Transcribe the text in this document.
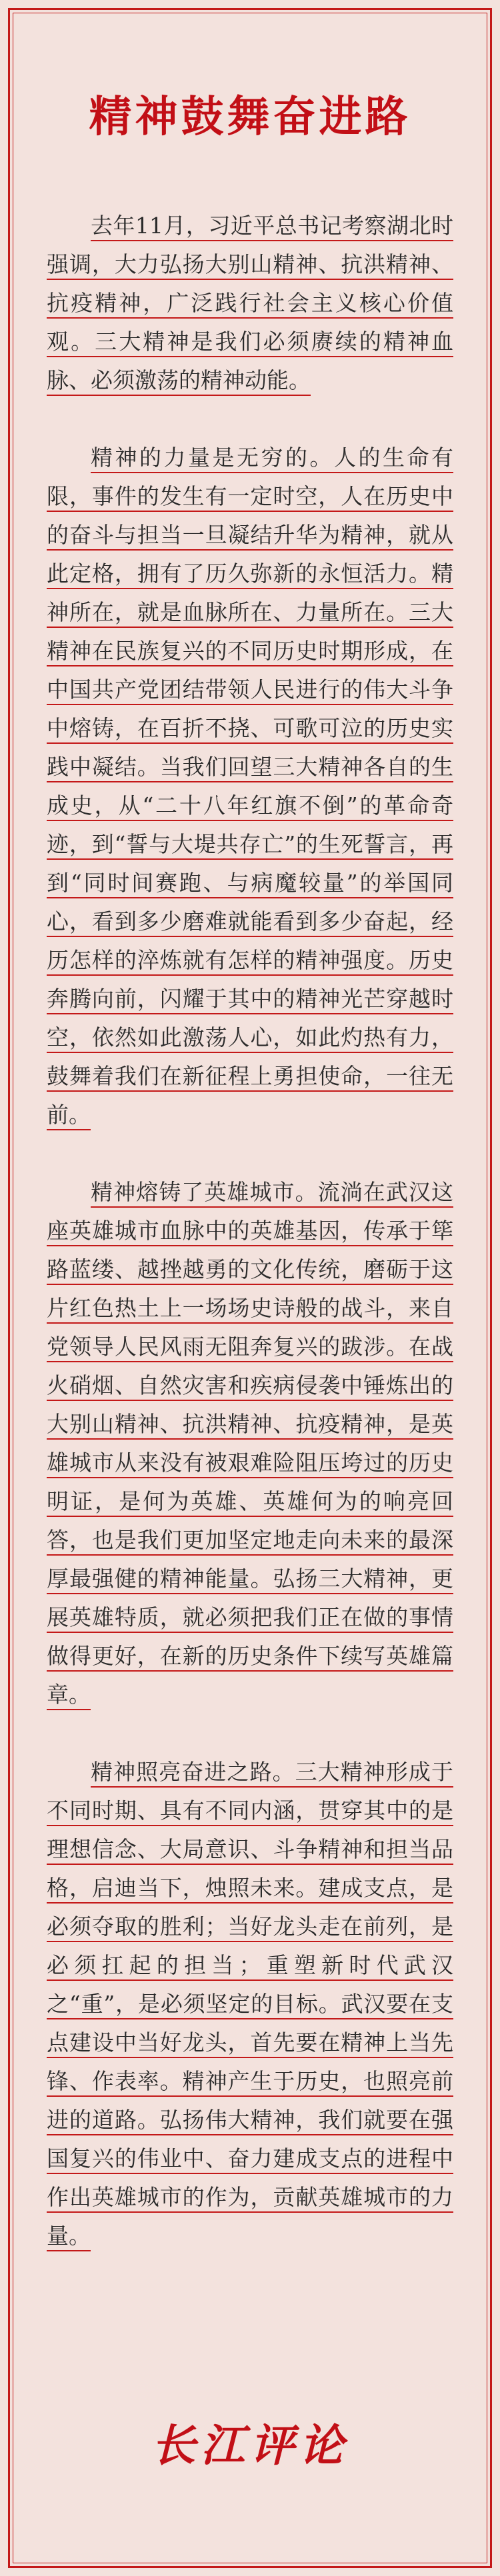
精神鼓舞奋进路

去年11月，习近平总书记考察湖北时强调，大力弘扬大别山精神、抗洪精神、抗疫精神，广泛践行社会主义核心价值观。三大精神是我们必须赓续的精神血脉、必须激荡的精神动能。

精神的力量是无穷的。人的生命有限，事件的发生有一定时空，人在历史中的奋斗与担当一旦凝结升华为精神，就从此定格，拥有了历久弥新的永恒活力。精神所在，就是血脉所在、力量所在。三大精神在民族复兴的不同历史时期形成，在中国共产党团结带领人民进行的伟大斗争中熔铸，在百折不挠、可歌可泣的历史实践中凝结。当我们回望三大精神各自的生成史，从“二十八年红旗不倒”的革命奇迹，到“誓与大堤共存亡”的生死誓言，再到“同时间赛跑、与病魔较量”的举国同心，看到多少磨难就能看到多少奋起，经历怎样的淬炼就有怎样的精神强度。历史奔腾向前，闪耀于其中的精神光芒穿越时空，依然如此激荡人心，如此灼热有力，鼓舞着我们在新征程上勇担使命，一往无前。

精神熔铸了英雄城市。流淌在武汉这座英雄城市血脉中的英雄基因，传承于筚路蓝缕、越挫越勇的文化传统，磨砺于这片红色热土上一场场史诗般的战斗，来自党领导人民风雨无阻奔复兴的跋涉。在战火硝烟、自然灾害和疾病侵袭中锤炼出的大别山精神、抗洪精神、抗疫精神，是英雄城市从来没有被艰难险阻压垮过的历史明证，是何为英雄、英雄何为的响亮回答，也是我们更加坚定地走向未来的最深厚最强健的精神能量。弘扬三大精神，更展英雄特质，就必须把我们正在做的事情做得更好，在新的历史条件下续写英雄篇章。

精神照亮奋进之路。三大精神形成于不同时期、具有不同内涵，贯穿其中的是理想信念、大局意识、斗争精神和担当品格，启迪当下，烛照未来。建成支点，是必须夺取的胜利；当好龙头走在前列，是必须扛起的担当；重塑新时代武汉之“重”，是必须坚定的目标。武汉要在支点建设中当好龙头，首先要在精神上当先锋、作表率。精神产生于历史，也照亮前进的道路。弘扬伟大精神，我们就要在强国复兴的伟业中、奋力建成支点的进程中作出英雄城市的作为，贡献英雄城市的力量。

长江评论
